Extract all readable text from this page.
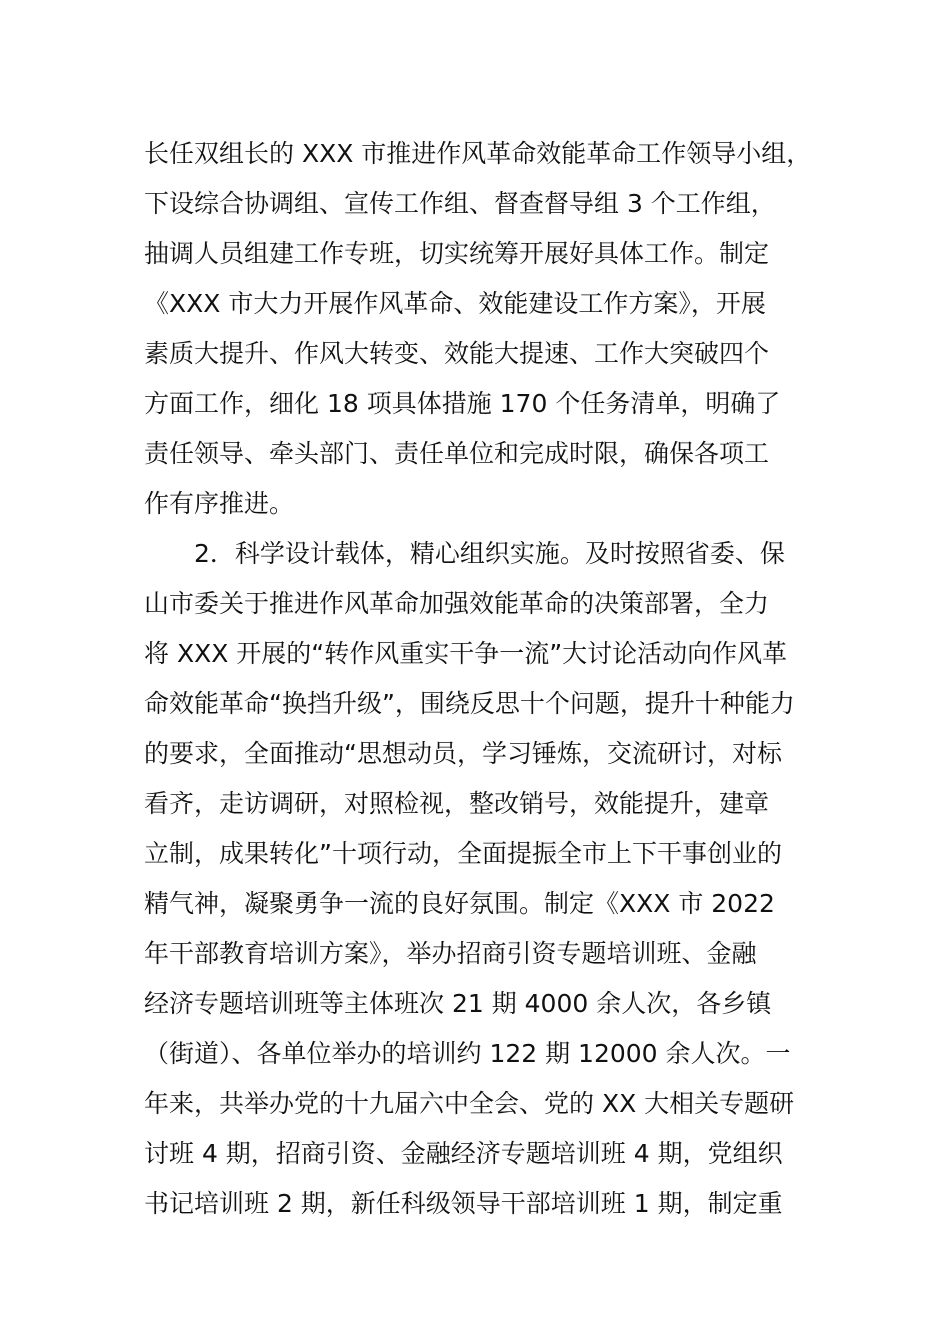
长任双组长的 XXX 市推进作风革命效能革命工作领导小组，
下设综合协调组、宣传工作组、督查督导组 3 个工作组，
抽调人员组建工作专班，切实统筹开展好具体工作。制定
《XXX 市大力开展作风革命、效能建设工作方案》，开展
素质大提升、作风大转变、效能大提速、工作大突破四个
方面工作，细化 18 项具体措施 170 个任务清单，明确了
责任领导、牵头部门、责任单位和完成时限，确保各项工
作有序推进。
2．科学设计载体，精心组织实施。及时按照省委、保
山市委关于推进作风革命加强效能革命的决策部署，全力
将 XXX 开展的“转作风重实干争一流”大讨论活动向作风革
命效能革命“换挡升级”，围绕反思十个问题，提升十种能力
的要求，全面推动“思想动员，学习锤炼，交流研讨，对标
看齐，走访调研，对照检视，整改销号，效能提升，建章
立制，成果转化”十项行动，全面提振全市上下干事创业的
精气神，凝聚勇争一流的良好氛围。制定《XXX 市 2022
年干部教育培训方案》，举办招商引资专题培训班、金融
经济专题培训班等主体班次 21 期 4000 余人次，各乡镇
（街道）、各单位举办的培训约 122 期 12000 余人次。一
年来，共举办党的十九届六中全会、党的 XX 大相关专题研
讨班 4 期，招商引资、金融经济专题培训班 4 期，党组织
书记培训班 2 期，新任科级领导干部培训班 1 期，制定重
